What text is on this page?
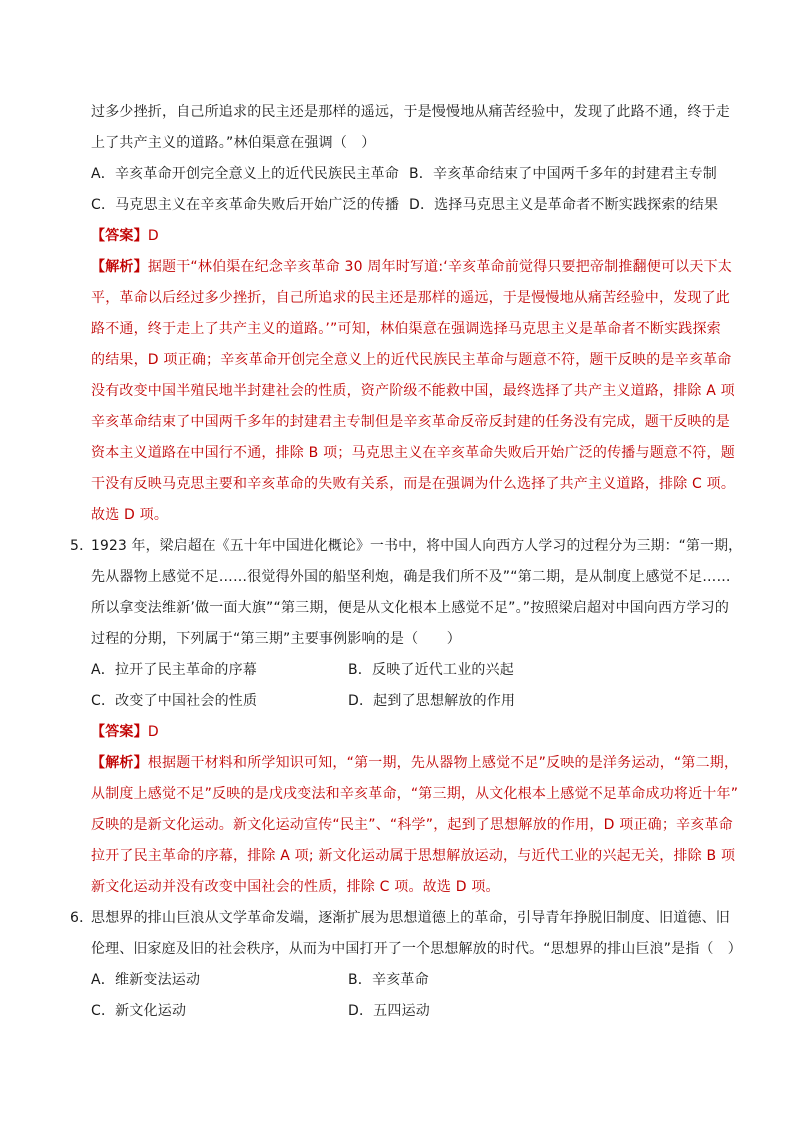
过多少挫折，自己所追求的民主还是那样的遥远，于是慢慢地从痛苦经验中，发现了此路不通，终于走
上了共产主义的道路。”林伯渠意在强调（　）
A．辛亥革命开创完全意义上的近代民族民主革命 B．辛亥革命结束了中国两千多年的封建君主专制
C．马克思主义在辛亥革命失败后开始广泛的传播 D．选择马克思主义是革命者不断实践探索的结果
【答案】D
【解析】据题干“林伯渠在纪念辛亥革命 30 周年时写道:‘辛亥革命前觉得只要把帝制推翻便可以天下太
平，革命以后经过多少挫折，自己所追求的民主还是那样的遥远，于是慢慢地从痛苦经验中，发现了此
路不通，终于走上了共产主义的道路。’”可知，林伯渠意在强调选择马克思主义是革命者不断实践探索
的结果，D 项正确；辛亥革命开创完全意义上的近代民族民主革命与题意不符，题干反映的是辛亥革命
没有改变中国半殖民地半封建社会的性质，资产阶级不能救中国，最终选择了共产主义道路，排除 A 项
辛亥革命结束了中国两千多年的封建君主专制但是辛亥革命反帝反封建的任务没有完成，题干反映的是
资本主义道路在中国行不通，排除 B 项；马克思主义在辛亥革命失败后开始广泛的传播与题意不符，题
干没有反映马克思主要和辛亥革命的失败有关系，而是在强调为什么选择了共产主义道路，排除 C 项。
故选 D 项。
5．
1923 年，梁启超在《五十年中国进化概论》一书中，将中国人向西方人学习的过程分为三期：“第一期，
先从器物上感觉不足……很觉得外国的船坚利炮，确是我们所不及”“第二期，是从制度上感觉不足……
所以拿变法维新’做一面大旗”“第三期，便是从文化根本上感觉不足”。”按照梁启超对中国向西方学习的
过程的分期，下列属于“第三期”主要事例影响的是（　　）
A．拉开了民主革命的序幕	B．反映了近代工业的兴起
C．改变了中国社会的性质	D．起到了思想解放的作用
【答案】D
【解析】根据题干材料和所学知识可知，“第一期，先从器物上感觉不足”反映的是洋务运动，“第二期，
从制度上感觉不足”反映的是戊戌变法和辛亥革命，“第三期，从文化根本上感觉不足革命成功将近十年”
反映的是新文化运动。新文化运动宣传“民主”、“科学”，起到了思想解放的作用，D 项正确；辛亥革命
拉开了民主革命的序幕，排除 A 项; 新文化运动属于思想解放运动，与近代工业的兴起无关，排除 B 项
新文化运动并没有改变中国社会的性质，排除 C 项。故选 D 项。
6．
思想界的排山巨浪从文学革命发端，逐渐扩展为思想道德上的革命，引导青年挣脱旧制度、旧道德、旧
伦理、旧家庭及旧的社会秩序，从而为中国打开了一个思想解放的时代。“思想界的排山巨浪”是指（　）
A．维新变法运动	B．辛亥革命
C．新文化运动	D．五四运动
